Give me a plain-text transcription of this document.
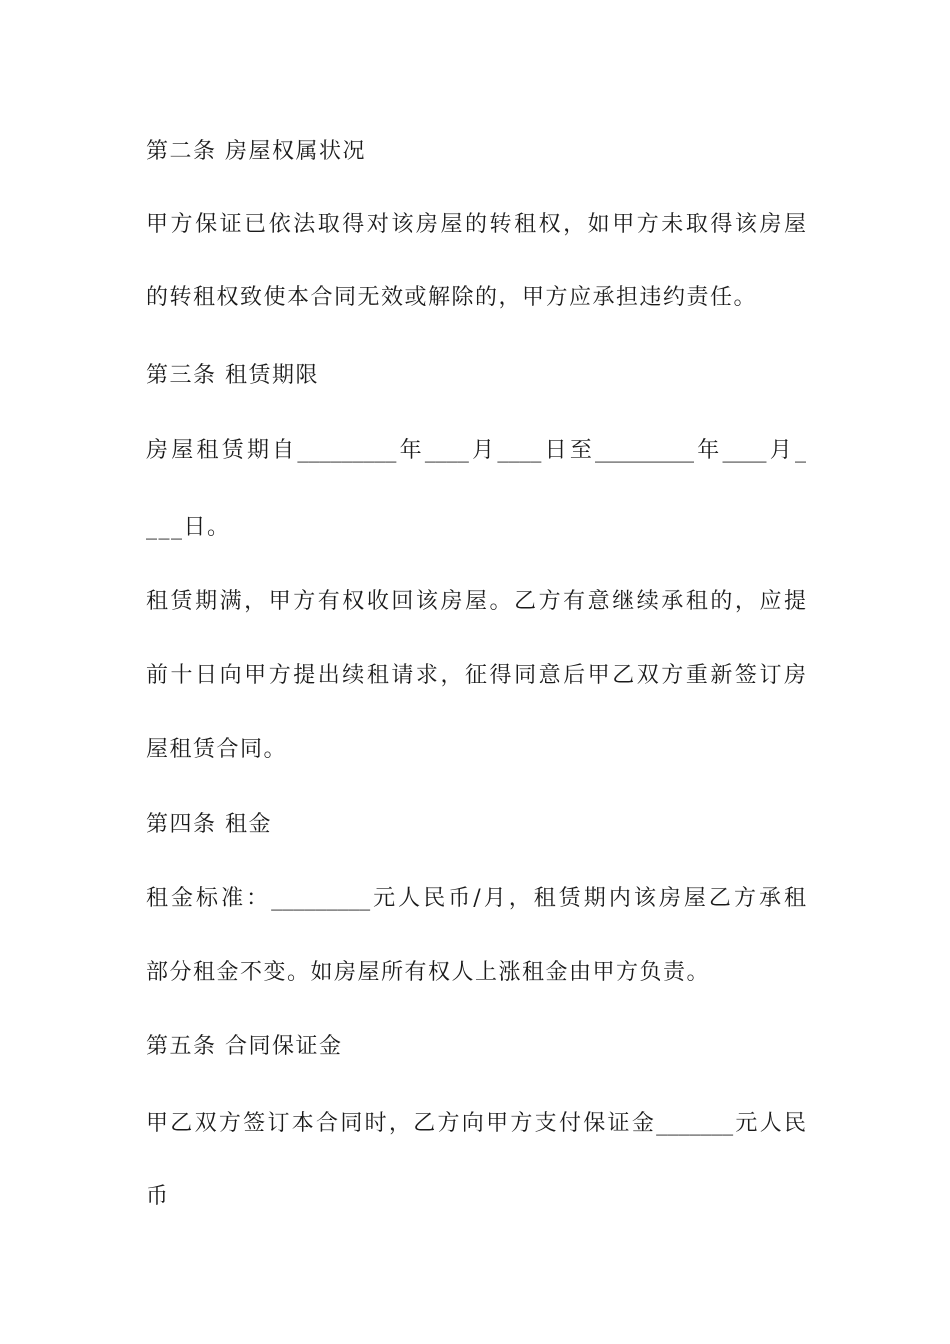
第二条 房屋权属状况
甲方保证已依法取得对该房屋的转租权，如甲方未取得该房屋
的转租权致使本合同无效或解除的，甲方应承担违约责任。
第三条 租赁期限
房屋租赁期自_________年____月____日至_________年____月_
___日。
租赁期满，甲方有权收回该房屋。乙方有意继续承租的，应提
前十日向甲方提出续租请求，征得同意后甲乙双方重新签订房
屋租赁合同。
第四条 租金
租金标准：_________元人民币/月，租赁期内该房屋乙方承租
部分租金不变。如房屋所有权人上涨租金由甲方负责。
第五条 合同保证金
甲乙双方签订本合同时，乙方向甲方支付保证金_______元人民
币
